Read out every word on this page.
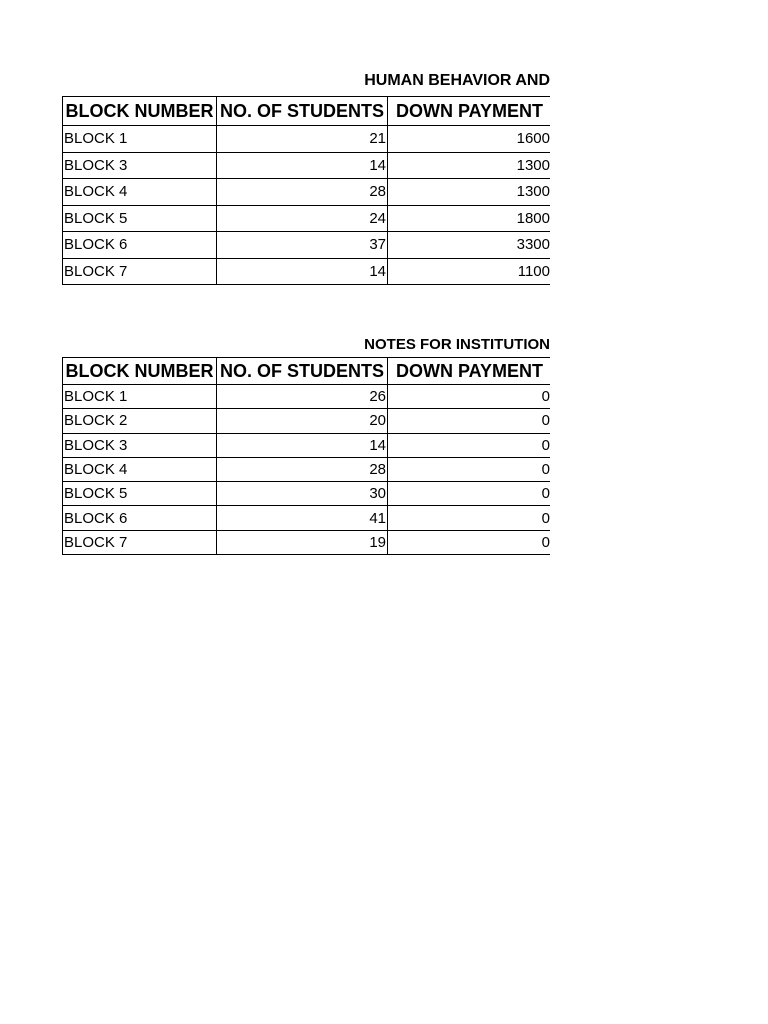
HUMAN BEHAVIOR AND
BLOCK NUMBER	NO. OF STUDENTS	DOWN PAYMENT
BLOCK 1	21	1600
BLOCK 3	14	1300
BLOCK 4	28	1300
BLOCK 5	24	1800
BLOCK 6	37	3300
BLOCK 7	14	1100
NOTES FOR INSTITUTION
BLOCK NUMBER	NO. OF STUDENTS	DOWN PAYMENT
BLOCK 1	26	0
BLOCK 2	20	0
BLOCK 3	14	0
BLOCK 4	28	0
BLOCK 5	30	0
BLOCK 6	41	0
BLOCK 7	19	0
